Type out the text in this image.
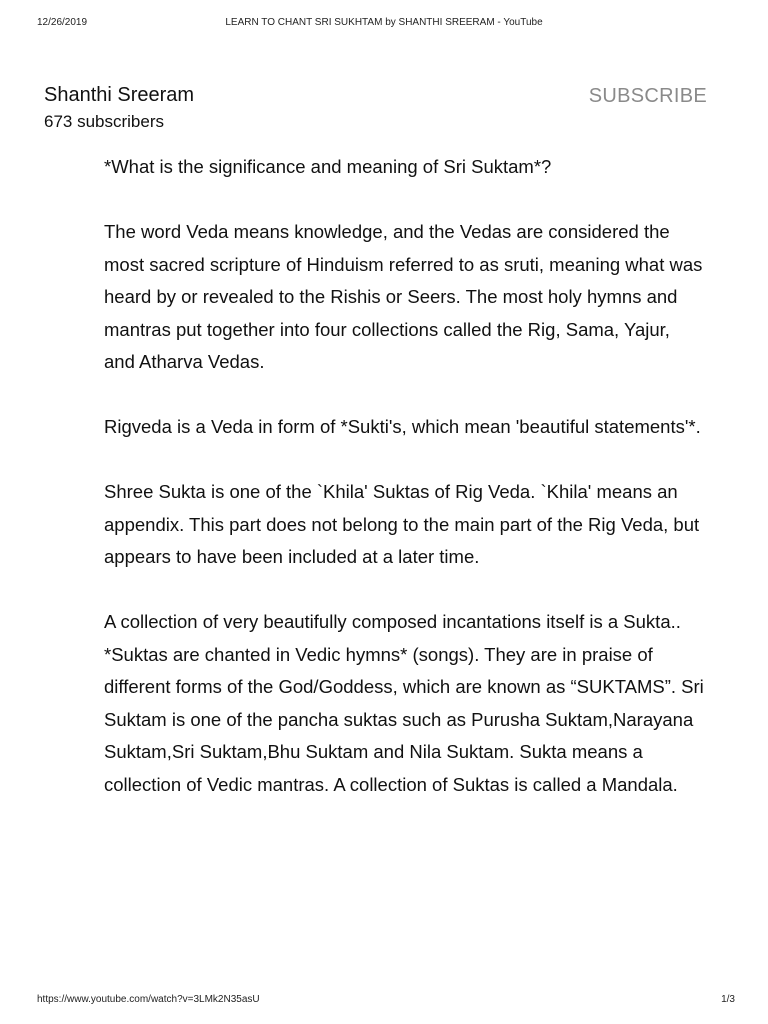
12/26/2019	LEARN TO CHANT SRI SUKHTAM by SHANTHI SREERAM - YouTube
Shanthi Sreeram
673 subscribers
SUBSCRIBE

*What is the significance and meaning of Sri Suktam*?

The word Veda means knowledge, and the Vedas are considered the most sacred scripture of Hinduism referred to as sruti, meaning what was heard by or revealed to the Rishis or Seers. The most holy hymns and mantras put together into four collections called the Rig, Sama, Yajur, and Atharva Vedas.

Rigveda is a Veda in form of *Sukti's, which mean 'beautiful statements'*.

Shree Sukta is one of the `Khila' Suktas of Rig Veda. `Khila' means an appendix. This part does not belong to the main part of the Rig Veda, but appears to have been included at a later time.

A collection of very beautifully composed incantations itself is a Sukta.. *Suktas are chanted in Vedic hymns* (songs). They are in praise of different forms of the God/Goddess, which are known as “SUKTAMS”. Sri Suktam is one of the pancha suktas such as Purusha Suktam,Narayana Suktam,Sri Suktam,Bhu Suktam and Nila Suktam. Sukta means a collection of Vedic mantras. A collection of Suktas is called a Mandala.

https://www.youtube.com/watch?v=3LMk2N35asU	1/3
